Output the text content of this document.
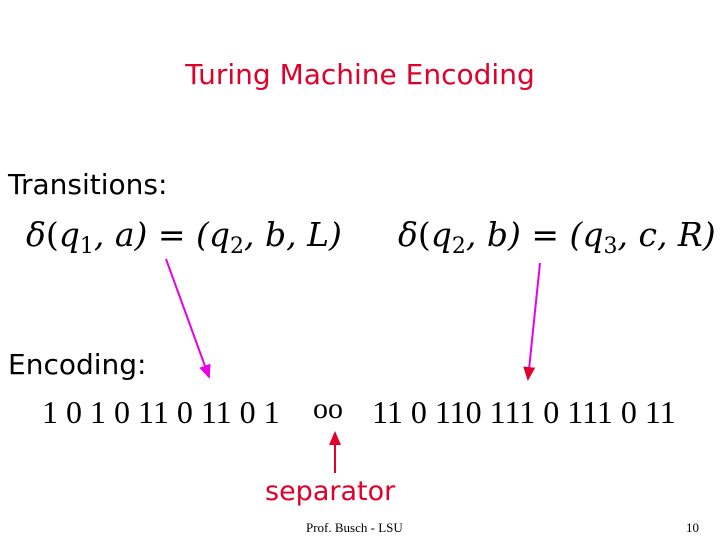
Turing Machine Encoding
Transitions:
$\delta(q_1$, $a) = (q_2$, b, L) $\delta(q_2$, $b) = (q_3$, c, R)
Encoding:
1 0 1 0 11 0 11 0 1 oo 11 0 110 111 0 111 0 11
separator
Prof. Busch - LSU	10
